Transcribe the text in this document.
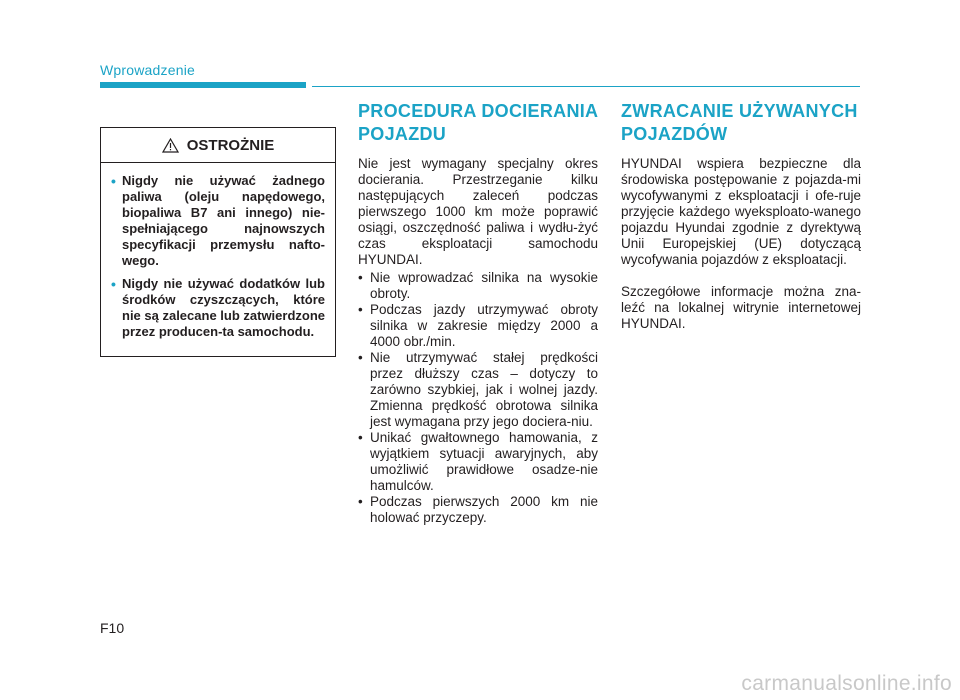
Wprowadzenie
OSTROŻNIE
• Nigdy nie używać żadnego paliwa (oleju napędowego, biopaliwa B7 ani innego) nie-spełniającego najnowszych specyfikacji przemysłu nafto-wego.
• Nigdy nie używać dodatków lub środków czyszczących, które nie są zalecane lub zatwierdzone przez producen-ta samochodu.
PROCEDURA DOCIERANIA POJAZDU

Nie jest wymagany specjalny okres docierania. Przestrzeganie kilku następujących zaleceń podczas pierwszego 1000 km może poprawić osiągi, oszczędność paliwa i wydłu-żyć czas eksploatacji samochodu HYUNDAI.

• Nie wprowadzać silnika na wysokie obroty.
• Podczas jazdy utrzymywać obroty silnika w zakresie między 2000 a 4000 obr./min.
• Nie utrzymywać stałej prędkości przez dłuższy czas – dotyczy to zarówno szybkiej, jak i wolnej jazdy. Zmienna prędkość obrotowa silnika jest wymagana przy jego dociera-niu.
• Unikać gwałtownego hamowania, z wyjątkiem sytuacji awaryjnych, aby umożliwić prawidłowe osadze-nie hamulców.
• Podczas pierwszych 2000 km nie holować przyczepy.
ZWRACANIE UŻYWANYCH POJAZDÓW

HYUNDAI wspiera bezpieczne dla środowiska postępowanie z pojazda-mi wycofywanymi z eksploatacji i ofe-ruje przyjęcie każdego wyeksploato-wanego pojazdu Hyundai zgodnie z dyrektywą Unii Europejskiej (UE) dotyczącą wycofywania pojazdów z eksploatacji.

Szczegółowe informacje można zna-leźć na lokalnej witrynie internetowej HYUNDAI.

F10
carmanualsonline.info
